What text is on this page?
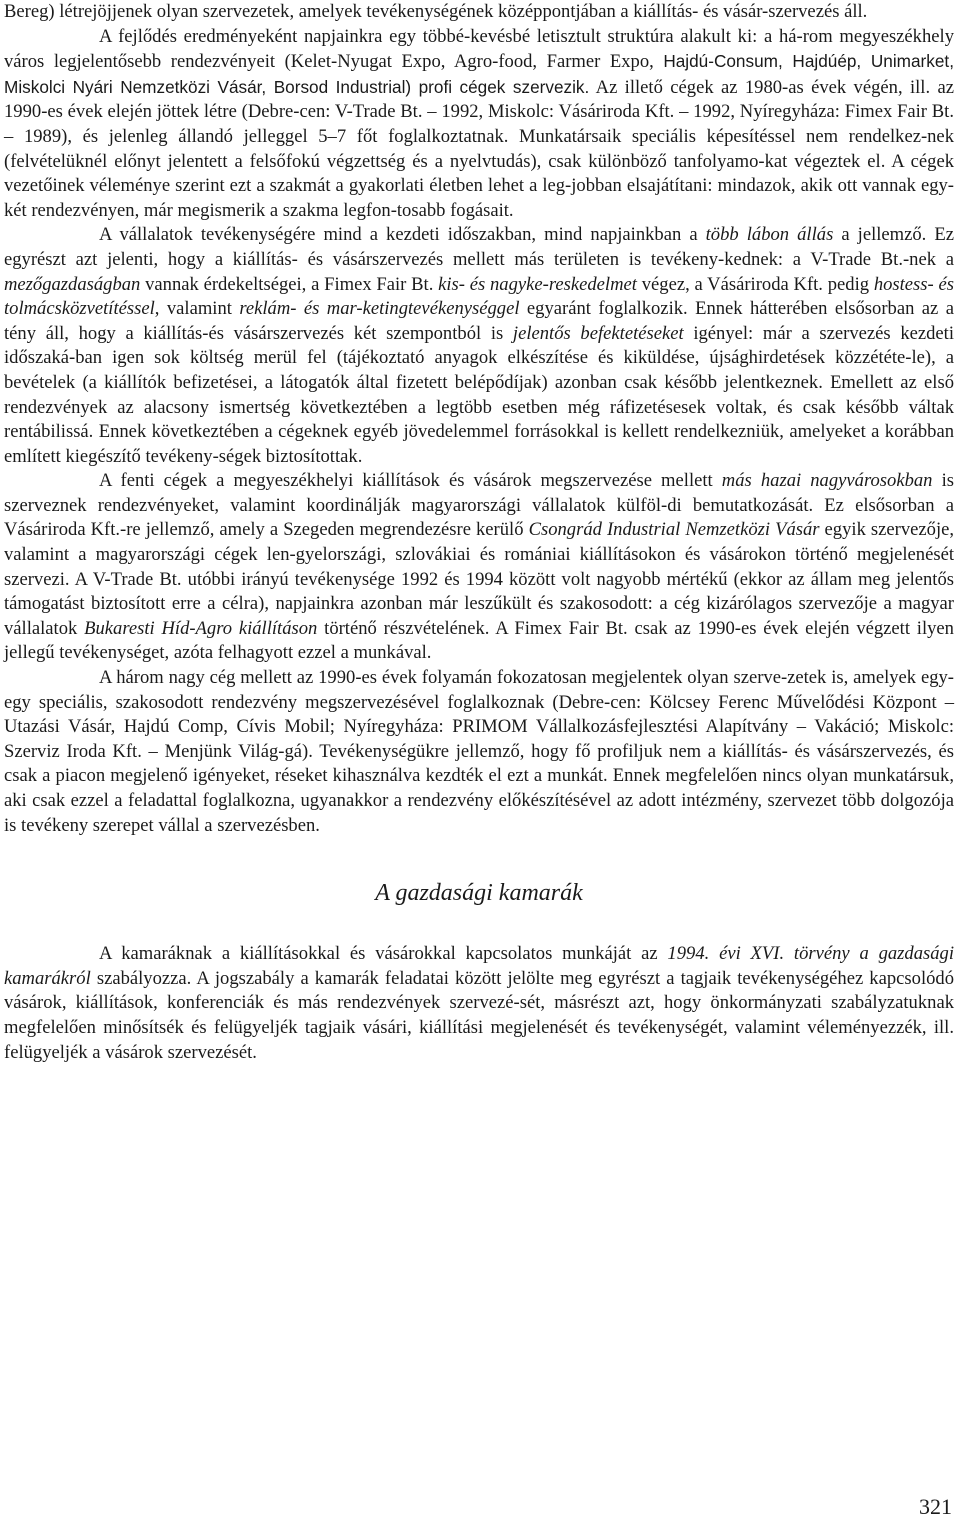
Bereg) létrejöjjenek olyan szervezetek, amelyek tevékenységének középpontjában a kiállítás- és vásár-szervezés áll.

A fejlődés eredményeként napjainkra egy többé-kevésbé letisztult struktúra alakult ki: a há-rom megyeszékhely város legjelentősebb rendezvényeit (Kelet-Nyugat Expo, Agro-food, Farmer Expo, Hajdú-Consum, Hajdúép, Unimarket, Miskolci Nyári Nemzetközi Vásár, Borsod Industrial) profi cégek szervezik. Az illető cégek az 1980-as évek végén, ill. az 1990-es évek elején jöttek létre (Debre-cen: V-Trade Bt. – 1992, Miskolc: Vásáriroda Kft. – 1992, Nyíregyháza: Fimex Fair Bt. – 1989), és jelenleg állandó jelleggel 5–7 főt foglalkoztatnak. Munkatársaik speciális képesítéssel nem rendelkez-nek (felvételüknél előnyt jelentett a felsőfokú végzettség és a nyelvtudás), csak különböző tanfolyamo-kat végeztek el. A cégek vezetőinek véleménye szerint ezt a szakmát a gyakorlati életben lehet a leg-jobban elsajátítani: mindazok, akik ott vannak egy-két rendezvényen, már megismerik a szakma legfon-tosabb fogásait.

A vállalatok tevékenységére mind a kezdeti időszakban, mind napjainkban a több lábon állás a jellemző. Ez egyrészt azt jelenti, hogy a kiállítás- és vásárszervezés mellett más területen is tevékeny-kednek: a V-Trade Bt.-nek a mezőgazdaságban vannak érdekeltségei, a Fimex Fair Bt. kis- és nagyke-reskedelmet végez, a Vásáriroda Kft. pedig hostess- és tolmácsközvetítéssel, valamint reklám- és mar-ketingtevékenységgel egyaránt foglalkozik. Ennek hátterében elsősorban az a tény áll, hogy a kiállítás-és vásárszervezés két szempontból is jelentős befektetéseket igényel: már a szervezés kezdeti időszaká-ban igen sok költség merül fel (tájékoztató anyagok elkészítése és kiküldése, újsághirdetések közzététe-le), a bevételek (a kiállítók befizetései, a látogatók által fizetett belépődíjak) azonban csak később jelentkeznek. Emellett az első rendezvények az alacsony ismertség következtében a legtöbb esetben még ráfizetésesek voltak, és csak később váltak rentábilissá. Ennek következtében a cégeknek egyéb jövedelemmel forrásokkal is kellett rendelkezniük, amelyeket a korábban említett kiegészítő tevékeny-ségek biztosítottak.

A fenti cégek a megyeszékhelyi kiállítások és vásárok megszervezése mellett más hazai nagyvárosokban is szerveznek rendezvényeket, valamint koordinálják magyarországi vállalatok külföl-di bemutatkozását. Ez elsősorban a Vásáriroda Kft.-re jellemző, amely a Szegeden megrendezésre kerülő Csongrád Industrial Nemzetközi Vásár egyik szervezője, valamint a magyarországi cégek len-gyelországi, szlovákiai és romániai kiállításokon és vásárokon történő megjelenését szervezi. A V-Trade Bt. utóbbi irányú tevékenysége 1992 és 1994 között volt nagyobb mértékű (ekkor az állam meg jelentős támogatást biztosított erre a célra), napjainkra azonban már leszűkült és szakosodott: a cég kizárólagos szervezője a magyar vállalatok Bukaresti Híd-Agro kiállításon történő részvételének. A Fimex Fair Bt. csak az 1990-es évek elején végzett ilyen jellegű tevékenységet, azóta felhagyott ezzel a munkával.

A három nagy cég mellett az 1990-es évek folyamán fokozatosan megjelentek olyan szerve-zetek is, amelyek egy-egy speciális, szakosodott rendezvény megszervezésével foglalkoznak (Debre-cen: Kölcsey Ferenc Művelődési Központ – Utazási Vásár, Hajdú Comp, Cívis Mobil; Nyíregyháza: PRIMOM Vállalkozásfejlesztési Alapítvány – Vakáció; Miskolc: Szerviz Iroda Kft. – Menjünk Világ-gá). Tevékenységükre jellemző, hogy fő profiljuk nem a kiállítás- és vásárszervezés, és csak a piacon megjelenő igényeket, réseket kihasználva kezdték el ezt a munkát. Ennek megfelelően nincs olyan munkatársuk, aki csak ezzel a feladattal foglalkozna, ugyanakkor a rendezvény előkészítésével az adott intézmény, szervezet több dolgozója is tevékeny szerepet vállal a szervezésben.

A gazdasági kamarák

A kamaráknak a kiállításokkal és vásárokkal kapcsolatos munkáját az 1994. évi XVI. törvény a gazdasági kamarákról szabályozza. A jogszabály a kamarák feladatai között jelölte meg egyrészt a tagjaik tevékenységéhez kapcsolódó vásárok, kiállítások, konferenciák és más rendezvények szervezé-sét, másrészt azt, hogy önkormányzati szabályzatuknak megfelelően minősítsék és felügyeljék tagjaik vásári, kiállítási megjelenését és tevékenységét, valamint véleményezzék, ill. felügyeljék a vásárok szervezését.

321
